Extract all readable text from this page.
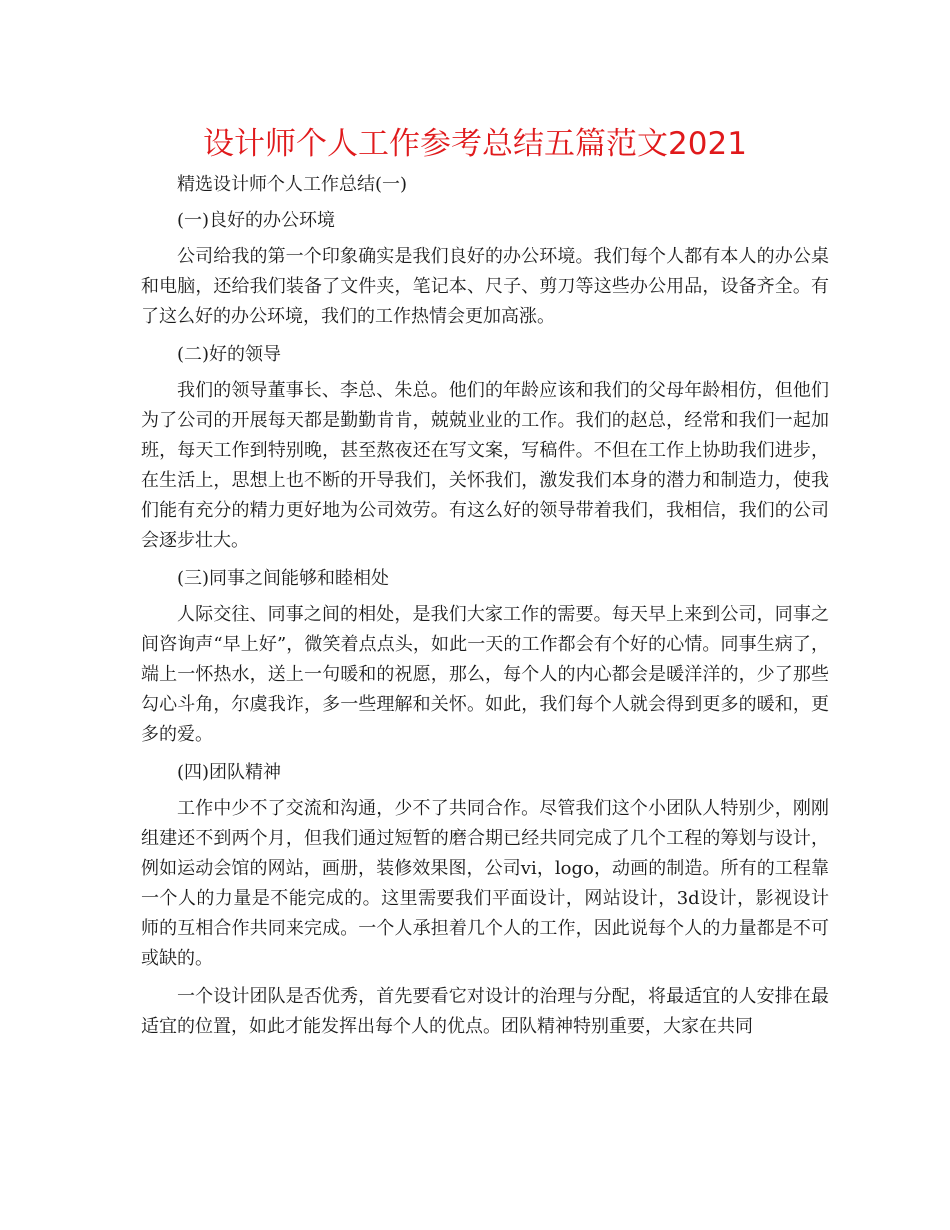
设计师个人工作参考总结五篇范文2021

精选设计师个人工作总结(一)

(一)良好的办公环境

公司给我的第一个印象确实是我们良好的办公环境。我们每个人都有本人的办公桌和电脑，还给我们装备了文件夹，笔记本、尺子、剪刀等这些办公用品，设备齐全。有了这么好的办公环境，我们的工作热情会更加高涨。

(二)好的领导

我们的领导董事长、李总、朱总。他们的年龄应该和我们的父母年龄相仿，但他们为了公司的开展每天都是勤勤肯肯，兢兢业业的工作。我们的赵总，经常和我们一起加班，每天工作到特别晚，甚至熬夜还在写文案，写稿件。不但在工作上协助我们进步，在生活上，思想上也不断的开导我们，关怀我们，激发我们本身的潜力和制造力，使我们能有充分的精力更好地为公司效劳。有这么好的领导带着我们，我相信，我们的公司会逐步壮大。

(三)同事之间能够和睦相处

人际交往、同事之间的相处，是我们大家工作的需要。每天早上来到公司，同事之间咨询声“早上好”，微笑着点点头，如此一天的工作都会有个好的心情。同事生病了，端上一怀热水，送上一句暖和的祝愿，那么，每个人的内心都会是暖洋洋的，少了那些勾心斗角，尔虞我诈，多一些理解和关怀。如此，我们每个人就会得到更多的暖和，更多的爱。

(四)团队精神

工作中少不了交流和沟通，少不了共同合作。尽管我们这个小团队人特别少，刚刚组建还不到两个月，但我们通过短暂的磨合期已经共同完成了几个工程的筹划与设计，例如运动会馆的网站，画册，装修效果图，公司vi，logo，动画的制造。所有的工程靠一个人的力量是不能完成的。这里需要我们平面设计，网站设计，3d设计，影视设计师的互相合作共同来完成。一个人承担着几个人的工作，因此说每个人的力量都是不可或缺的。

一个设计团队是否优秀，首先要看它对设计的治理与分配，将最适宜的人安排在最适宜的位置，如此才能发挥出每个人的优点。团队精神特别重要，大家在共同
